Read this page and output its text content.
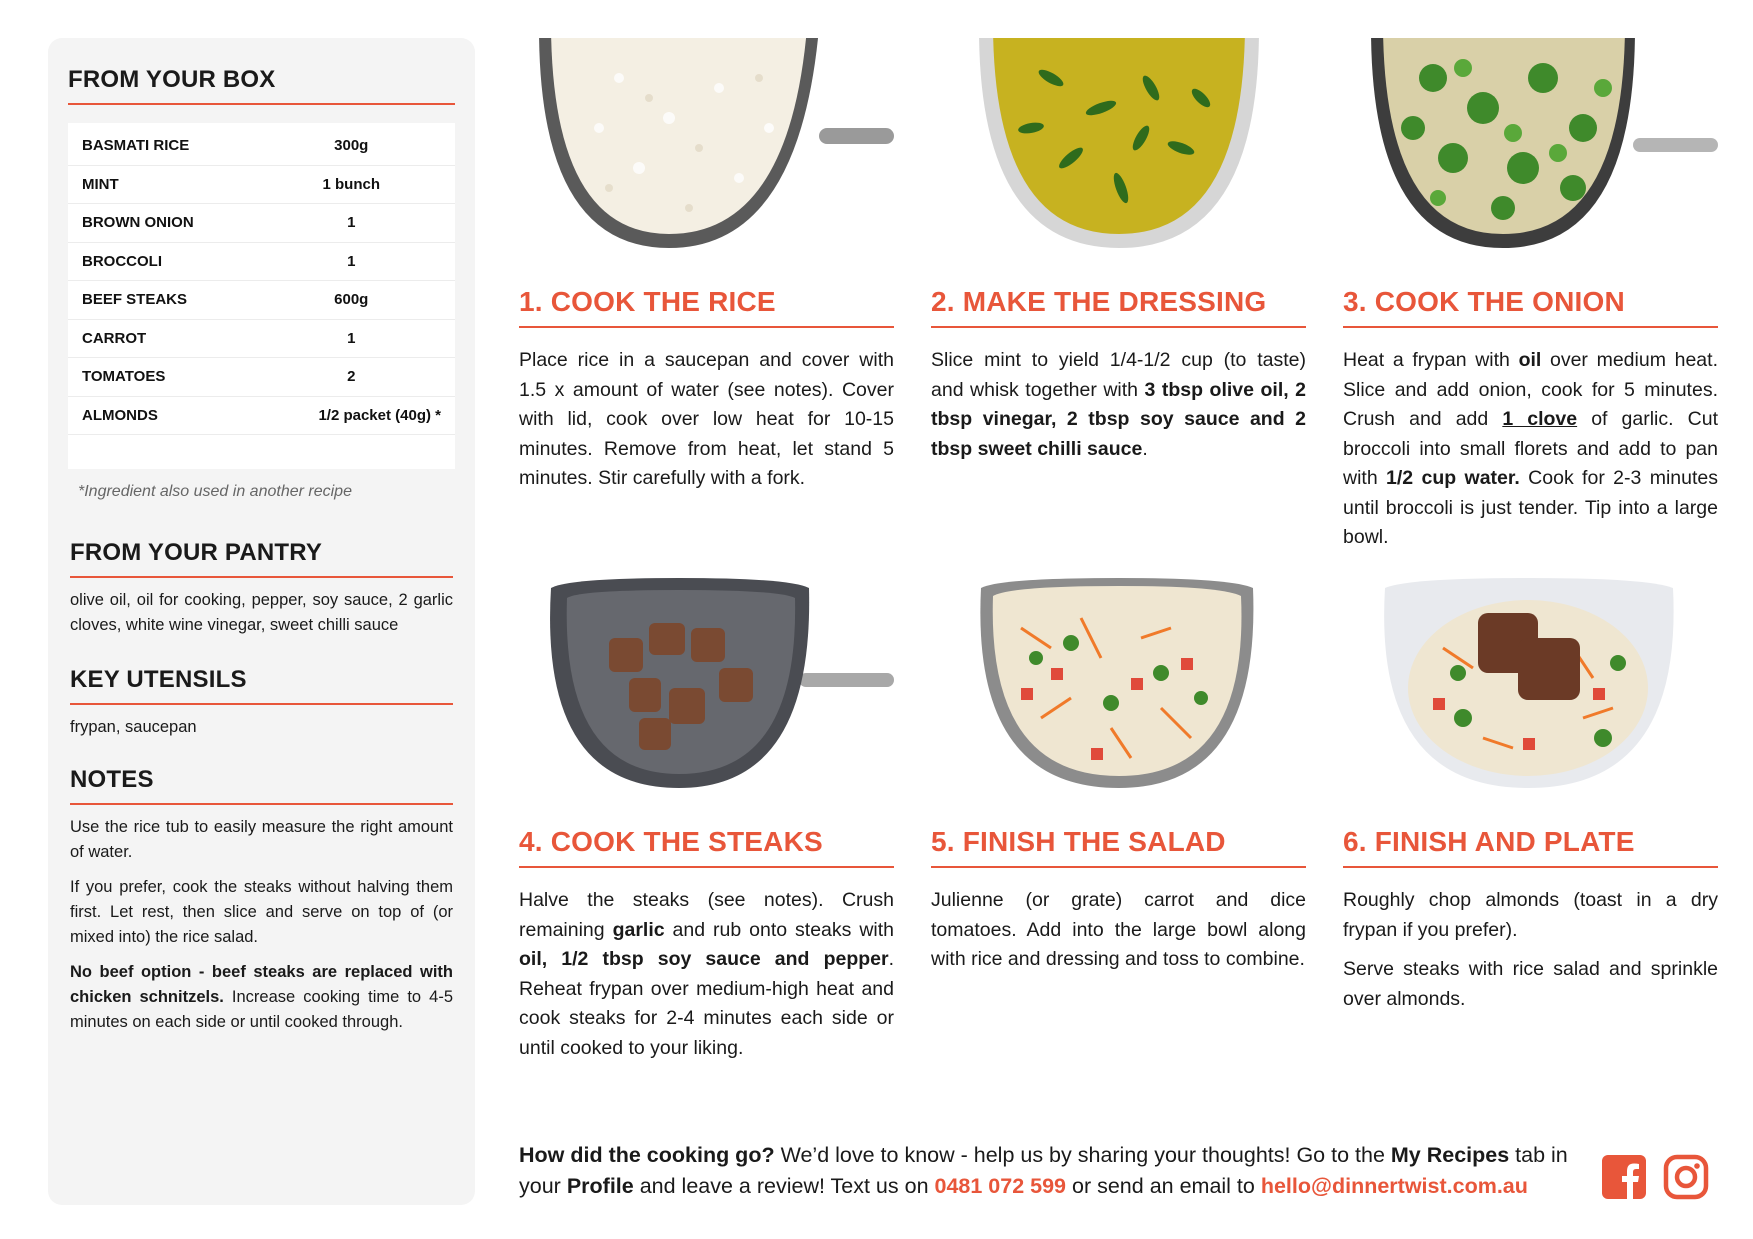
FROM YOUR BOX
BASMATI RICE	300g
MINT	1 bunch
BROWN ONION	1
BROCCOLI	1
BEEF STEAKS	600g
CARROT	1
TOMATOES	2
ALMONDS	1/2 packet (40g) *
*Ingredient also used in another recipe
FROM YOUR PANTRY
olive oil, oil for cooking, pepper, soy sauce, 2 garlic cloves, white wine vinegar, sweet chilli sauce
KEY UTENSILS
frypan, saucepan
NOTES

Use the rice tub to easily measure the right amount of water.

If you prefer, cook the steaks without halving them first. Let rest, then slice and serve on top of (or mixed into) the rice salad.

No beef option - beef steaks are replaced with chicken schnitzels. Increase cooking time to 4-5 minutes on each side or until cooked through.

1. COOK THE RICE

Place rice in a saucepan and cover with 1.5 x amount of water (see notes). Cover with lid, cook over low heat for 10-15 minutes. Remove from heat, let stand 5 minutes. Stir carefully with a fork.

2. MAKE THE DRESSING

Slice mint to yield 1/4-1/2 cup (to taste) and whisk together with 3 tbsp olive oil, 2 tbsp vinegar, 2 tbsp soy sauce and 2 tbsp sweet chilli sauce.

3. COOK THE ONION

Heat a frypan with oil over medium heat. Slice and add onion, cook for 5 minutes. Crush and add 1 clove of garlic. Cut broccoli into small florets and add to pan with 1/2 cup water. Cook for 2-3 minutes until broccoli is just tender. Tip into a large bowl.

4. COOK THE STEAKS

Halve the steaks (see notes). Crush remaining garlic and rub onto steaks with oil, 1/2 tbsp soy sauce and pepper. Reheat frypan over medium-high heat and cook steaks for 2-4 minutes each side or until cooked to your liking.

5. FINISH THE SALAD

Julienne (or grate) carrot and dice tomatoes. Add into the large bowl along with rice and dressing and toss to combine.

6. FINISH AND PLATE

Roughly chop almonds (toast in a dry frypan if you prefer).

Serve steaks with rice salad and sprinkle over almonds.

How did the cooking go? We’d love to know - help us by sharing your thoughts! Go to the My Recipes tab in your Profile and leave a review! Text us on 0481 072 599 or send an email to hello@dinnertwist.com.au
